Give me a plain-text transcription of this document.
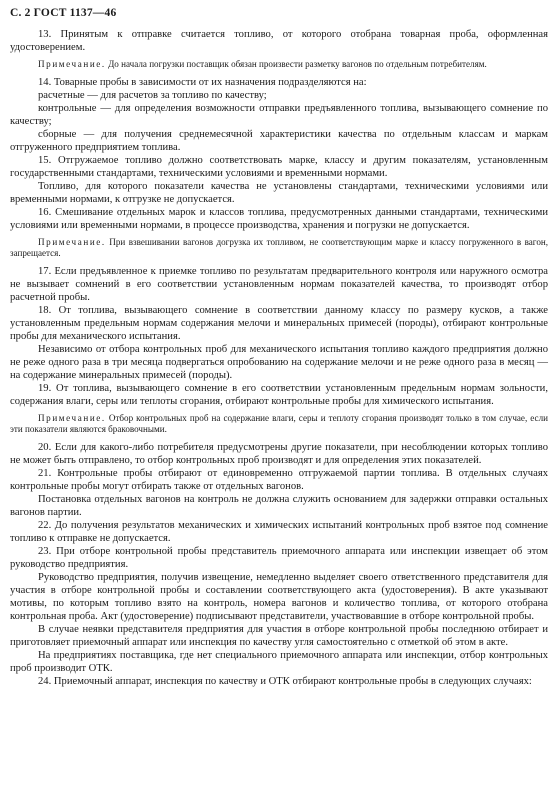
С. 2 ГОСТ 1137—46

13. Принятым к отправке считается топливо, от которого отобрана товарная проба, оформленная удостоверением.

Примечание. До начала погрузки поставщик обязан произвести разметку вагонов по отдельным потребителям.

14. Товарные пробы в зависимости от их назначения подразделяются на:

расчетные — для расчетов за топливо по качеству;

контрольные — для определения возможности отправки предъявленного топлива, вызывающего сомнение по качеству;

сборные — для получения среднемесячной характеристики качества по отдельным классам и маркам отгруженного предприятием топлива.

15. Отгружаемое топливо должно соответствовать марке, классу и другим показателям, установленным государственными стандартами, техническими условиями и временными нормами.

Топливо, для которого показатели качества не установлены стандартами, техническими условиями или временными нормами, к отгрузке не допускается.

16. Смешивание отдельных марок и классов топлива, предусмотренных данными стандартами, техническими условиями или временными нормами, в процессе производства, хранения и погрузки не допускается.

Примечание. При взвешивании вагонов догрузка их топливом, не соответствующим марке и классу погруженного в вагон, запрещается.

17. Если предъявленное к приемке топливо по результатам предварительного контроля или наружного осмотра не вызывает сомнений в его соответствии установленным нормам показателей качества, то производят отбор расчетной пробы.

18. От топлива, вызывающего сомнение в соответствии данному классу по размеру кусков, а также установленным предельным нормам содержания мелочи и минеральных примесей (породы), отбирают контрольные пробы для механического испытания.

Независимо от отбора контрольных проб для механического испытания топливо каждого предприятия должно не реже одного раза в три месяца подвергаться опробованию на содержание мелочи и не реже одного раза в месяц — на содержание минеральных примесей (породы).

19. От топлива, вызывающего сомнение в его соответствии установленным предельным нормам зольности, содержания влаги, серы или теплоты сгорания, отбирают контрольные пробы для химического испытания.

Примечание. Отбор контрольных проб на содержание влаги, серы и теплоту сгорания производят только в том случае, если эти показатели являются браковочными.

20. Если для какого-либо потребителя предусмотрены другие показатели, при несоблюдении которых топливо не может быть отправлено, то отбор контрольных проб производят и для определения этих показателей.

21. Контрольные пробы отбирают от единовременно отгружаемой партии топлива. В отдельных случаях контрольные пробы могут отбирать также от отдельных вагонов.

Постановка отдельных вагонов на контроль не должна служить основанием для задержки отправки остальных вагонов партии.

22. До получения результатов механических и химических испытаний контрольных проб взятое под сомнение топливо к отправке не допускается.

23. При отборе контрольной пробы представитель приемочного аппарата или инспекции извещает об этом руководство предприятия.

Руководство предприятия, получив извещение, немедленно выделяет своего ответственного представителя для участия в отборе контрольной пробы и составлении соответствующего акта (удостоверения). В акте указывают мотивы, по которым топливо взято на контроль, номера вагонов и количество топлива, от которого отобрана контрольная проба. Акт (удостоверение) подписывают представители, участвовавшие в отборе контрольной пробы.

В случае неявки представителя предприятия для участия в отборе контрольной пробы последнюю отбирает и приготовляет приемочный аппарат или инспекция по качеству угля самостоятельно с отметкой об этом в акте.

На предприятиях поставщика, где нет специального приемочного аппарата или инспекции, отбор контрольных проб производит ОТК.

24. Приемочный аппарат, инспекция по качеству и ОТК отбирают контрольные пробы в следующих случаях:
